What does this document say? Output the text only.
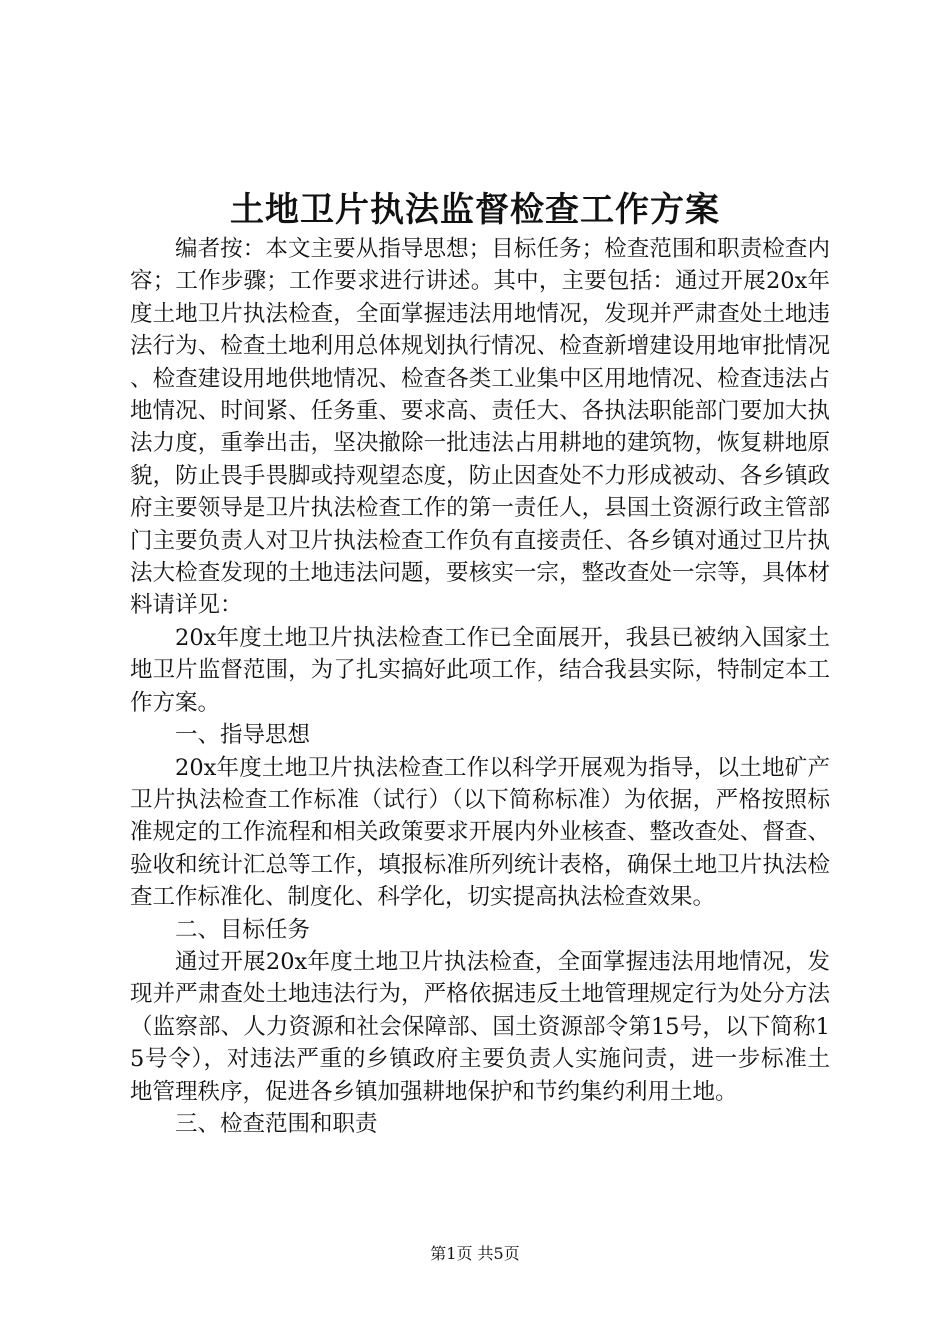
土地卫片执法监督检查工作方案

编者按：本文主要从指导思想；目标任务；检查范围和职责检查内容；工作步骤；工作要求进行讲述。其中，主要包括：通过开展20x年度土地卫片执法检查，全面掌握违法用地情况，发现并严肃查处土地违法行为、检查土地利用总体规划执行情况、检查新增建设用地审批情况、检查建设用地供地情况、检查各类工业集中区用地情况、检查违法占地情况、时间紧、任务重、要求高、责任大、各执法职能部门要加大执法力度，重拳出击，坚决撤除一批违法占用耕地的建筑物，恢复耕地原貌，防止畏手畏脚或持观望态度，防止因查处不力形成被动、各乡镇政府主要领导是卫片执法检查工作的第一责任人，县国土资源行政主管部门主要负责人对卫片执法检查工作负有直接责任、各乡镇对通过卫片执法大检查发现的土地违法问题，要核实一宗，整改查处一宗等，具体材料请详见：

20x年度土地卫片执法检查工作已全面展开，我县已被纳入国家土地卫片监督范围，为了扎实搞好此项工作，结合我县实际，特制定本工作方案。

一、指导思想

20x年度土地卫片执法检查工作以科学开展观为指导，以土地矿产卫片执法检查工作标准（试行）（以下简称标准）为依据，严格按照标准规定的工作流程和相关政策要求开展内外业核查、整改查处、督查、验收和统计汇总等工作，填报标准所列统计表格，确保土地卫片执法检查工作标准化、制度化、科学化，切实提高执法检查效果。

二、目标任务

通过开展20x年度土地卫片执法检查，全面掌握违法用地情况，发现并严肃查处土地违法行为，严格依据违反土地管理规定行为处分方法（监察部、人力资源和社会保障部、国土资源部令第15号，以下简称15号令），对违法严重的乡镇政府主要负责人实施问责，进一步标准土地管理秩序，促进各乡镇加强耕地保护和节约集约利用土地。

三、检查范围和职责

第1页 共5页
